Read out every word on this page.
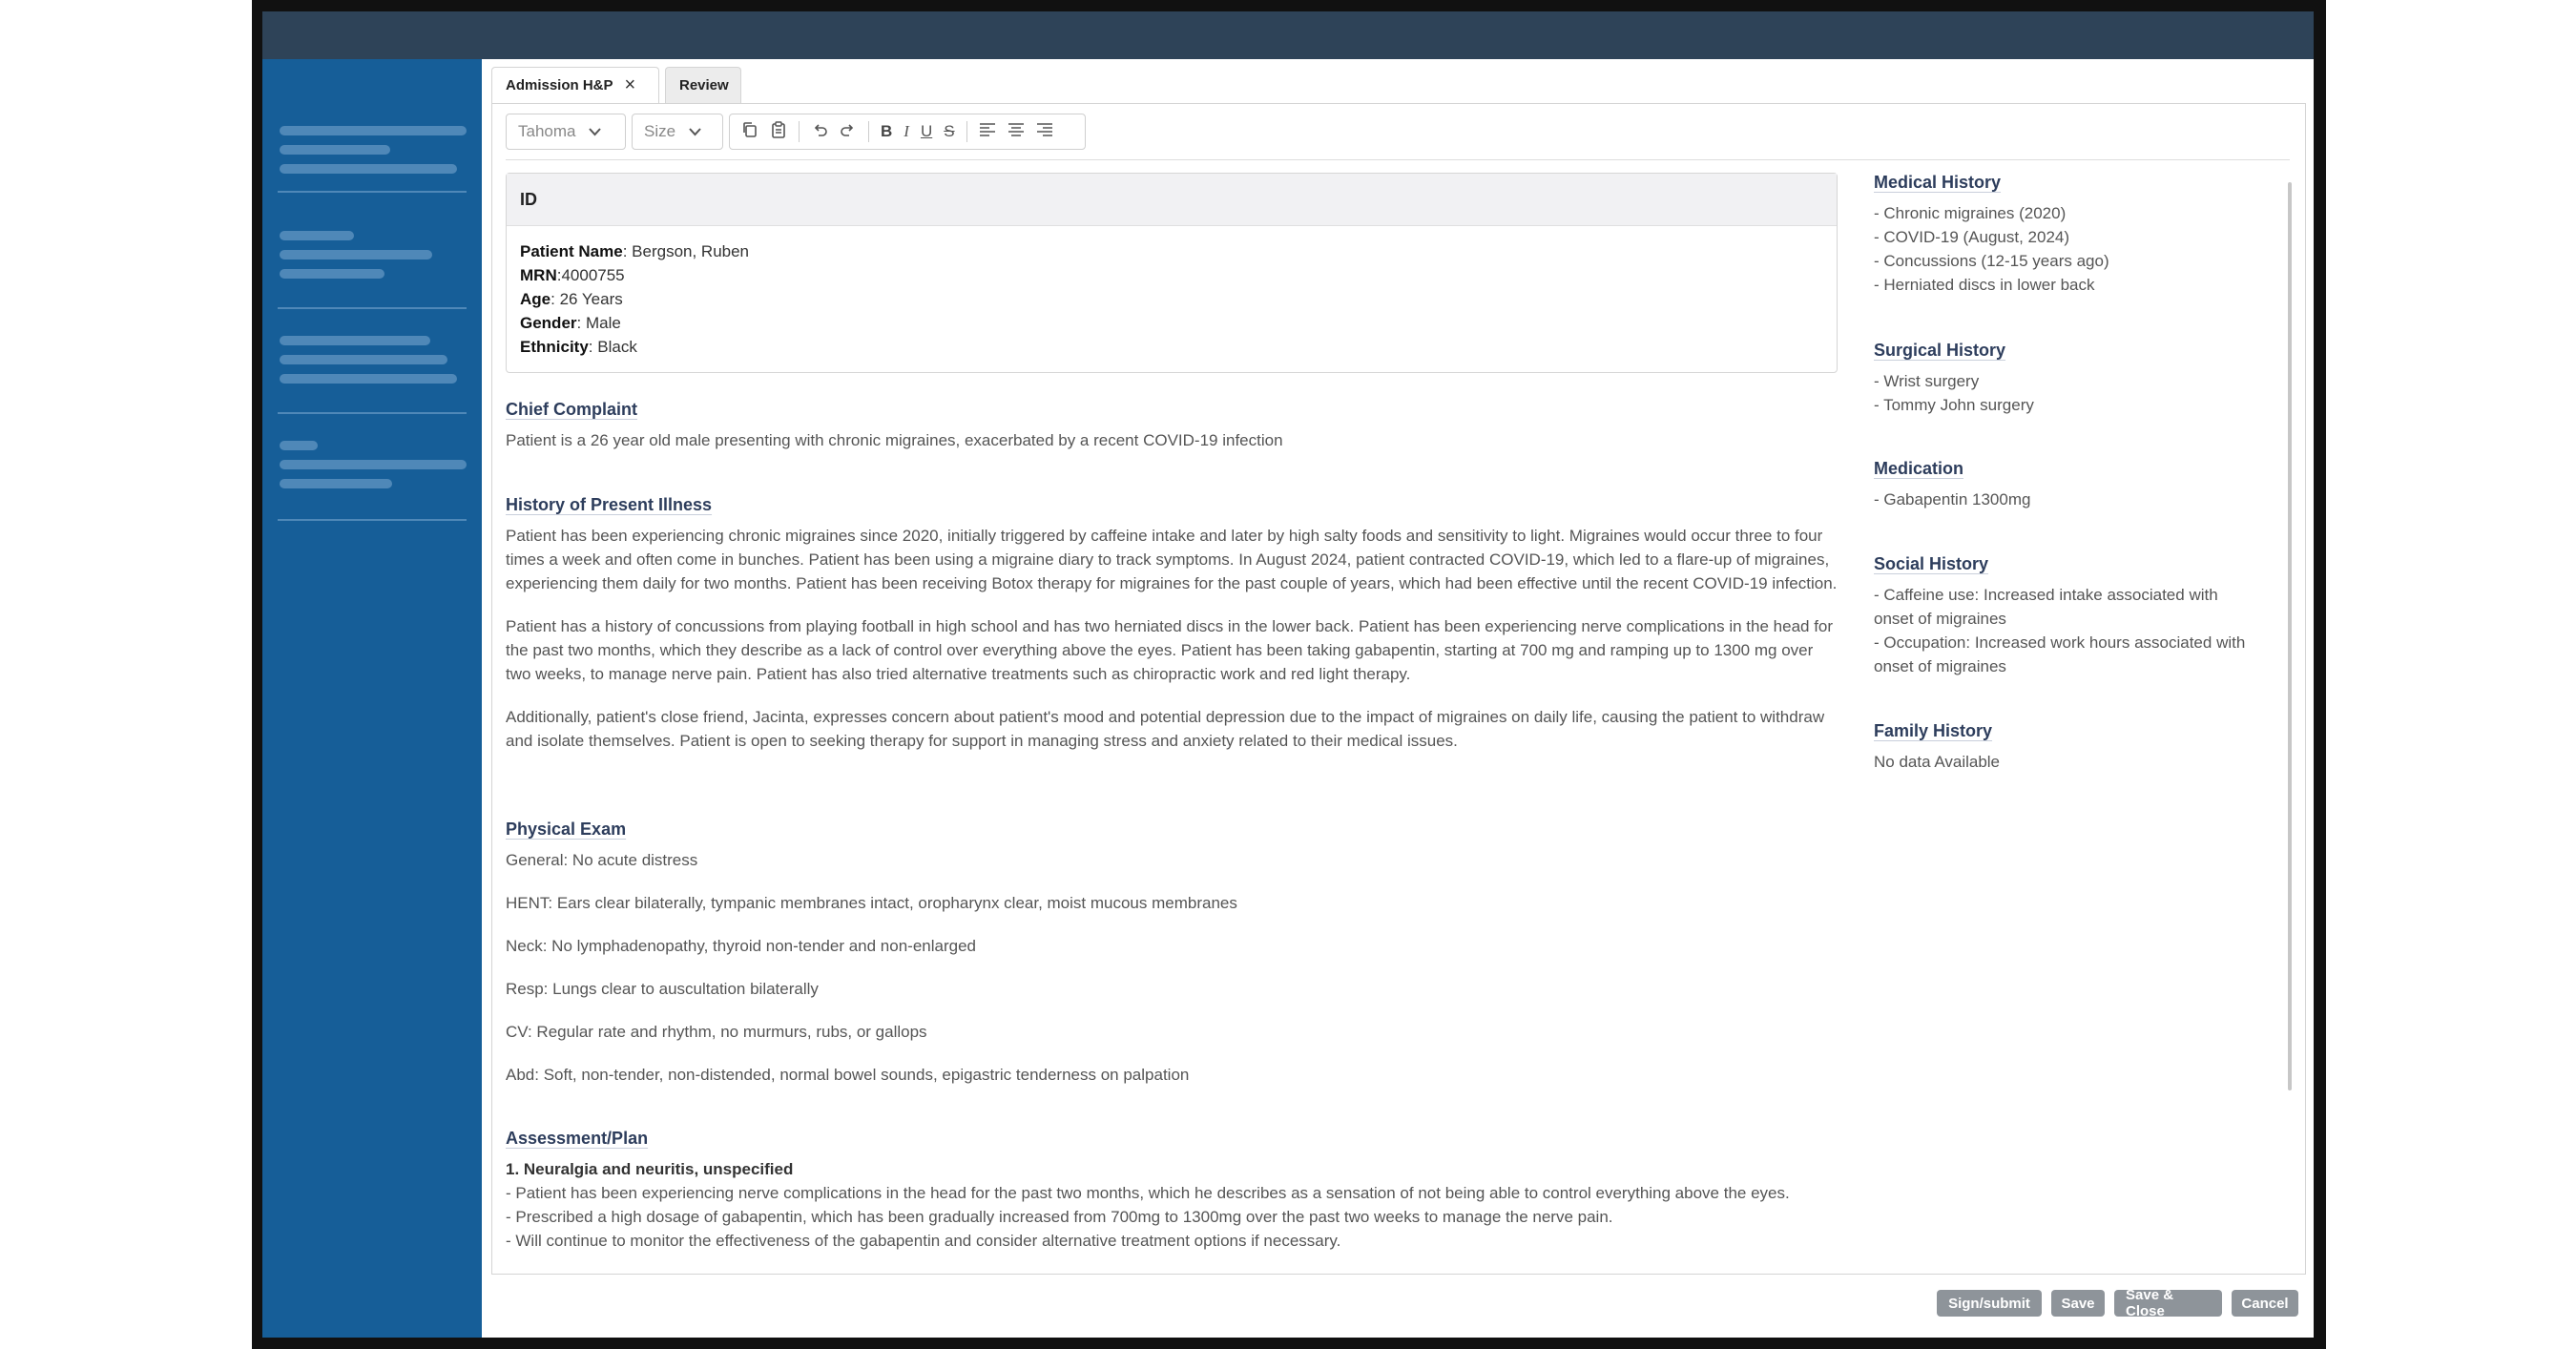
Admission H&P ×	Review
Tahoma	Size	B I U S
ID
Patient Name: Bergson, Ruben
MRN:4000755
Age: 26 Years
Gender: Male
Ethnicity: Black
Chief Complaint
Patient is a 26 year old male presenting with chronic migraines, exacerbated by a recent COVID-19 infection
History of Present Illness
Patient has been experiencing chronic migraines since 2020, initially triggered by caffeine intake and later by high salty foods and sensitivity to light. Migraines would occur three to four times a week and often come in bunches. Patient has been using a migraine diary to track symptoms. In August 2024, patient contracted COVID-19, which led to a flare-up of migraines, experiencing them daily for two months. Patient has been receiving Botox therapy for migraines for the past couple of years, which had been effective until the recent COVID-19 infection.
Patient has a history of concussions from playing football in high school and has two herniated discs in the lower back. Patient has been experiencing nerve complications in the head for the past two months, which they describe as a lack of control over everything above the eyes. Patient has been taking gabapentin, starting at 700 mg and ramping up to 1300 mg over two weeks, to manage nerve pain. Patient has also tried alternative treatments such as chiropractic work and red light therapy.
Additionally, patient's close friend, Jacinta, expresses concern about patient's mood and potential depression due to the impact of migraines on daily life, causing the patient to withdraw and isolate themselves. Patient is open to seeking therapy for support in managing stress and anxiety related to their medical issues.
Physical Exam
General: No acute distress
HENT: Ears clear bilaterally, tympanic membranes intact, oropharynx clear, moist mucous membranes
Neck: No lymphadenopathy, thyroid non-tender and non-enlarged
Resp: Lungs clear to auscultation bilaterally
CV: Regular rate and rhythm, no murmurs, rubs, or gallops
Abd: Soft, non-tender, non-distended, normal bowel sounds, epigastric tenderness on palpation
Assessment/Plan
1. Neuralgia and neuritis, unspecified
- Patient has been experiencing nerve complications in the head for the past two months, which he describes as a sensation of not being able to control everything above the eyes.
- Prescribed a high dosage of gabapentin, which has been gradually increased from 700mg to 1300mg over the past two weeks to manage the nerve pain.
- Will continue to monitor the effectiveness of the gabapentin and consider alternative treatment options if necessary.
Medical History
- Chronic migraines (2020)
- COVID-19 (August, 2024)
- Concussions (12-15 years ago)
- Herniated discs in lower back
Surgical History
- Wrist surgery
- Tommy John surgery
Medication
- Gabapentin 1300mg
Social History
- Caffeine use: Increased intake associated with onset of migraines
- Occupation: Increased work hours associated with onset of migraines
Family History
No data Available
Sign/submit	Save	Save & Close	Cancel
